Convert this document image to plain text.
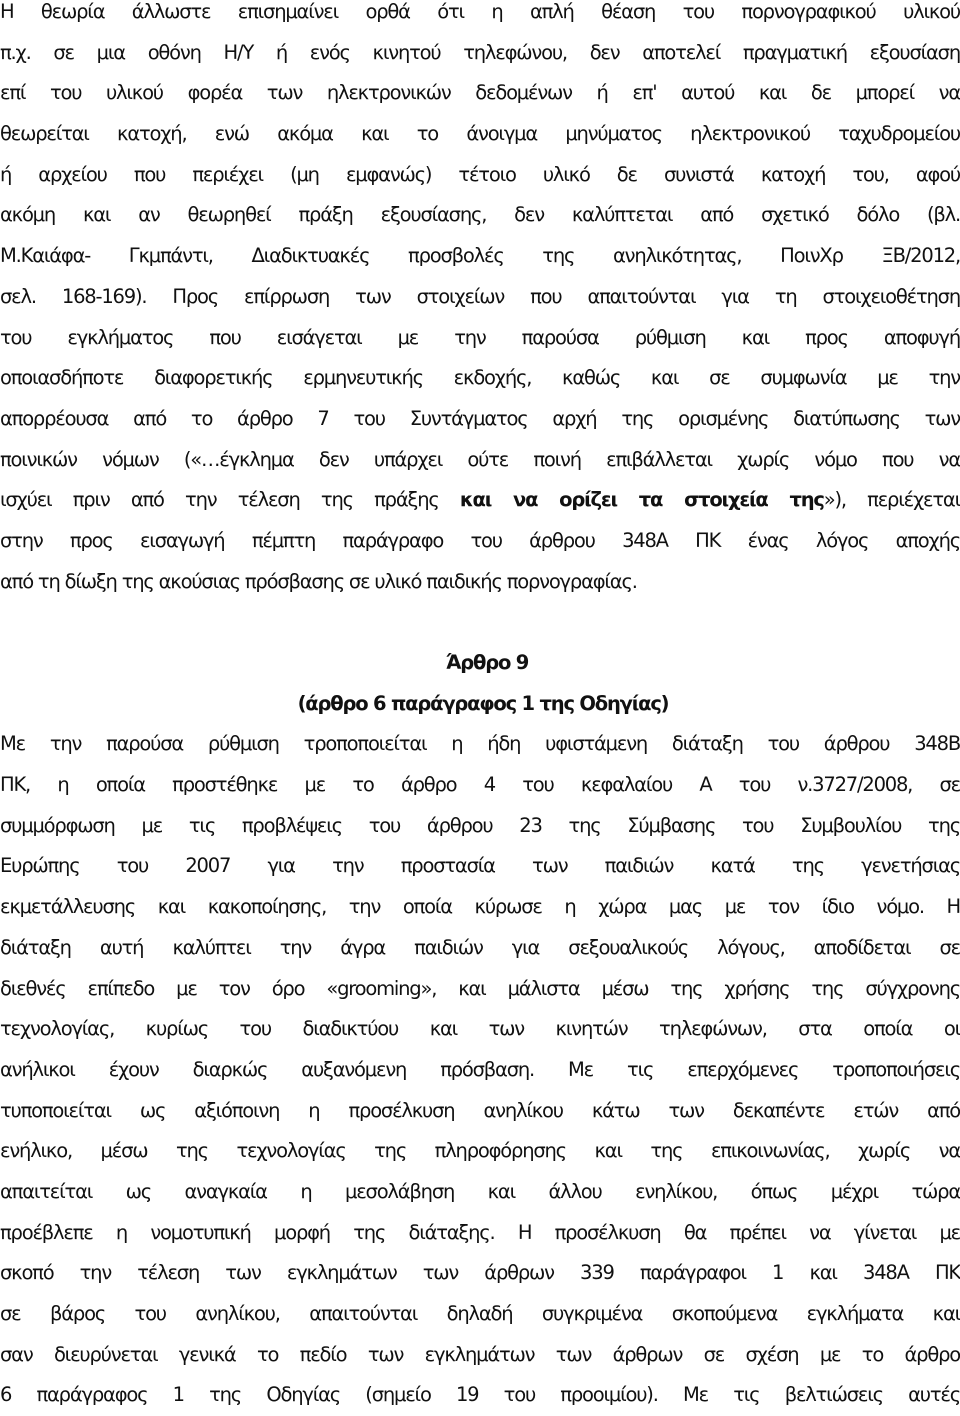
Η θεωρία άλλωστε επισημαίνει ορθά ότι η απλή θέαση του πορνογραφικού υλικού
π.χ. σε μια οθόνη Η/Υ ή ενός κινητού τηλεφώνου, δεν αποτελεί πραγματική εξουσίαση
επί του υλικού φορέα των ηλεκτρονικών δεδομένων ή επ' αυτού και δε μπορεί να
θεωρείται κατοχή, ενώ ακόμα και το άνοιγμα μηνύματος ηλεκτρονικού ταχυδρομείου
ή αρχείου που περιέχει (μη εμφανώς) τέτοιο υλικό δε συνιστά κατοχή του, αφού
ακόμη και αν θεωρηθεί πράξη εξουσίασης, δεν καλύπτεται από σχετικό δόλο (βλ.
Μ.Καιάφα- Γκμπάντι, Διαδικτυακές προσβολές της ανηλικότητας, ΠοινΧρ ΞΒ/2012,
σελ. 168-169). Προς επίρρωση των στοιχείων που απαιτούνται για τη στοιχειοθέτηση
του εγκλήματος που εισάγεται με την παρούσα ρύθμιση και προς αποφυγή
οποιασδήποτε διαφορετικής ερμηνευτικής εκδοχής, καθώς και σε συμφωνία με την
απορρέουσα από το άρθρο 7 του Συντάγματος αρχή της ορισμένης διατύπωσης των
ποινικών νόμων («…έγκλημα δεν υπάρχει ούτε ποινή επιβάλλεται χωρίς νόμο που να
ισχύει πριν από την τέλεση της πράξης και να ορίζει τα στοιχεία της»), περιέχεται
στην προς εισαγωγή πέμπτη παράγραφο του άρθρου 348Α ΠΚ ένας λόγος αποχής
από τη δίωξη της ακούσιας πρόσβασης σε υλικό παιδικής πορνογραφίας.
Άρθρο 9
(άρθρο 6 παράγραφος 1 της Οδηγίας)
Με την παρούσα ρύθμιση τροποποιείται η ήδη υφιστάμενη διάταξη του άρθρου 348Β
ΠΚ, η οποία προστέθηκε με το άρθρο 4 του κεφαλαίου Α του ν.3727/2008, σε
συμμόρφωση με τις προβλέψεις του άρθρου 23 της Σύμβασης του Συμβουλίου της
Ευρώπης του 2007 για την προστασία των παιδιών κατά της γενετήσιας
εκμετάλλευσης και κακοποίησης, την οποία κύρωσε η χώρα μας με τον ίδιο νόμο. Η
διάταξη αυτή καλύπτει την άγρα παιδιών για σεξουαλικούς λόγους, αποδίδεται σε
διεθνές επίπεδο με τον όρο «grooming», και μάλιστα μέσω της χρήσης της σύγχρονης
τεχνολογίας, κυρίως του διαδικτύου και των κινητών τηλεφώνων, στα οποία οι
ανήλικοι έχουν διαρκώς αυξανόμενη πρόσβαση. Με τις επερχόμενες τροποποιήσεις
τυποποιείται ως αξιόποινη η προσέλκυση ανηλίκου κάτω των δεκαπέντε ετών από
ενήλικο, μέσω της τεχνολογίας της πληροφόρησης και της επικοινωνίας, χωρίς να
απαιτείται ως αναγκαία η μεσολάβηση και άλλου ενηλίκου, όπως μέχρι τώρα
προέβλεπε η νομοτυπική μορφή της διάταξης. Η προσέλκυση θα πρέπει να γίνεται με
σκοπό την τέλεση των εγκλημάτων των άρθρων 339 παράγραφοι 1 και 348Α ΠΚ
σε βάρος του ανηλίκου, απαιτούνται δηλαδή συγκριμένα σκοπούμενα εγκλήματα και
σαν διευρύνεται γενικά το πεδίο των εγκλημάτων των άρθρων σε σχέση με το άρθρο
6 παράγραφος 1 της Οδηγίας (σημείο 19 του προοιμίου). Με τις βελτιώσεις αυτές
